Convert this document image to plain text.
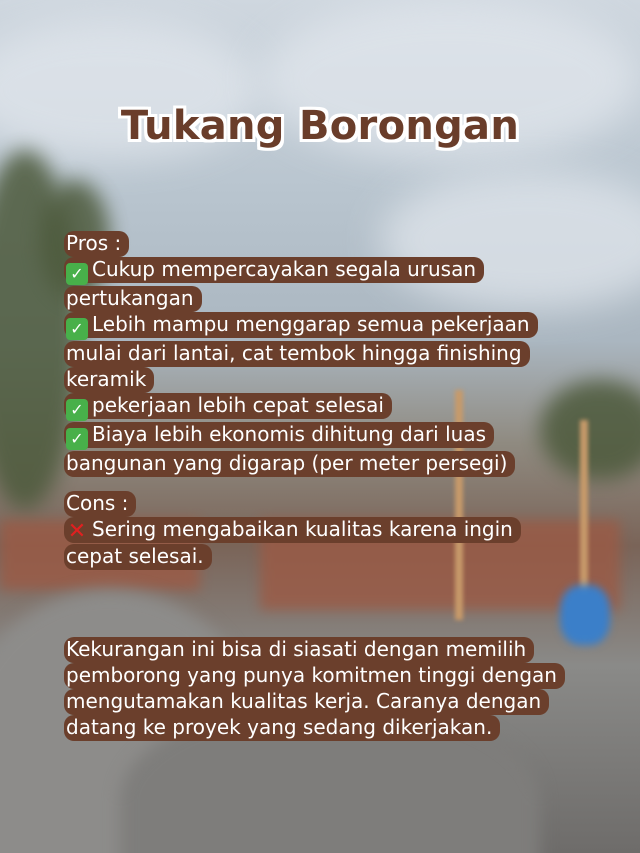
Tukang Borongan
Pros :
✓ Cukup mempercayakan segala urusan
pertukangan
✓ Lebih mampu menggarap semua pekerjaan
mulai dari lantai, cat tembok hingga finishing
keramik
✓ pekerjaan lebih cepat selesai
✓ Biaya lebih ekonomis dihitung dari luas
bangunan yang digarap (per meter persegi)
Cons :
✕ Sering mengabaikan kualitas karena ingin
cepat selesai.
Kekurangan ini bisa di siasati dengan memilih
pemborong yang punya komitmen tinggi dengan
mengutamakan kualitas kerja. Caranya dengan
datang ke proyek yang sedang dikerjakan.
